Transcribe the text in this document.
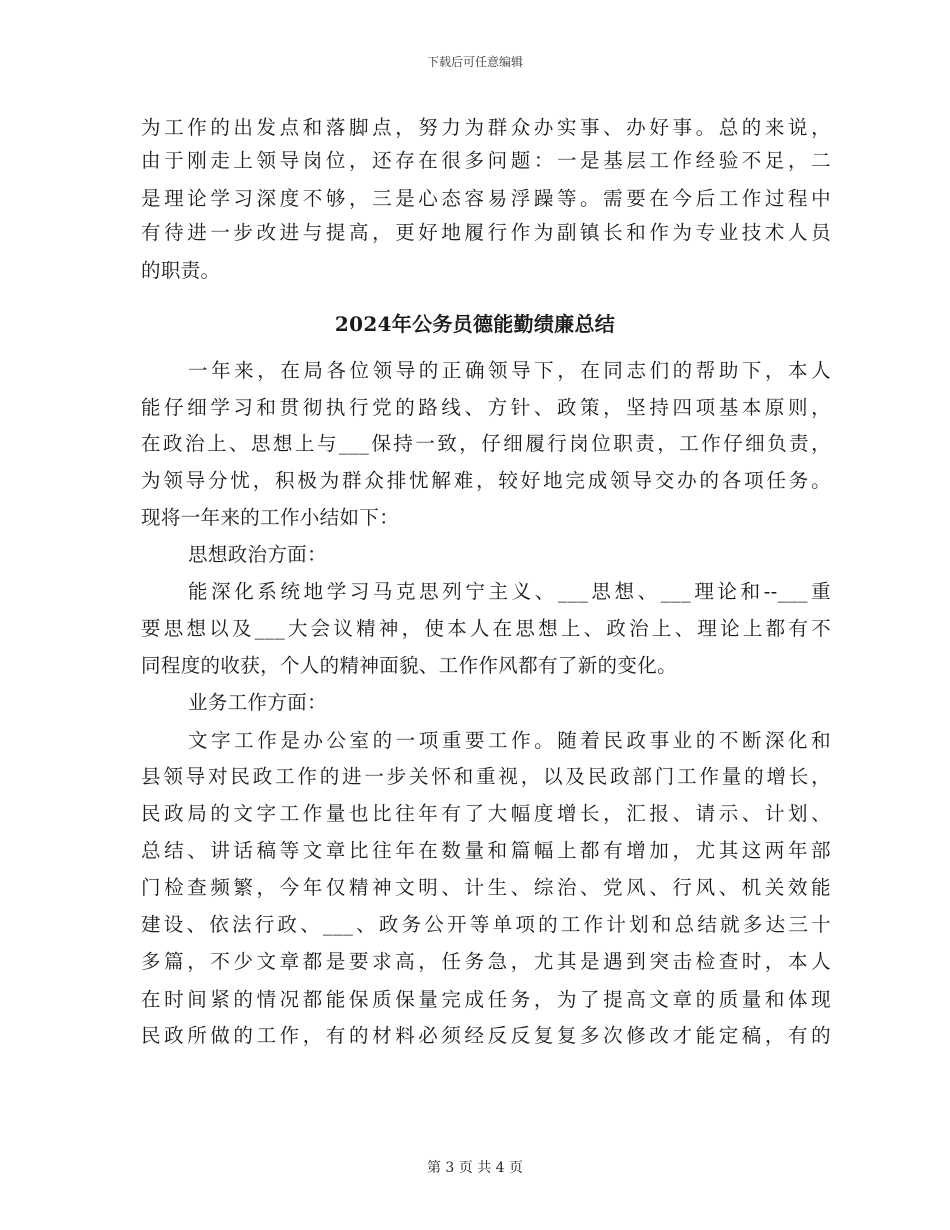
下载后可任意编辑
为工作的出发点和落脚点，努力为群众办实事、办好事。总的来说，
由于刚走上领导岗位，还存在很多问题：一是基层工作经验不足，二
是理论学习深度不够，三是心态容易浮躁等。需要在今后工作过程中
有待进一步改进与提高，更好地履行作为副镇长和作为专业技术人员
的职责。
2024年公务员德能勤绩廉总结
一年来，在局各位领导的正确领导下，在同志们的帮助下，本人
能仔细学习和贯彻执行党的路线、方针、政策，坚持四项基本原则，
在政治上、思想上与___保持一致，仔细履行岗位职责，工作仔细负责，
为领导分忧，积极为群众排忧解难，较好地完成领导交办的各项任务。
现将一年来的工作小结如下：
思想政治方面：
能深化系统地学习马克思列宁主义、___思想、___理论和--___重
要思想以及___大会议精神，使本人在思想上、政治上、理论上都有不
同程度的收获，个人的精神面貌、工作作风都有了新的变化。
业务工作方面：
文字工作是办公室的一项重要工作。随着民政事业的不断深化和
县领导对民政工作的进一步关怀和重视，以及民政部门工作量的增长，
民政局的文字工作量也比往年有了大幅度增长，汇报、请示、计划、
总结、讲话稿等文章比往年在数量和篇幅上都有增加，尤其这两年部
门检查频繁，今年仅精神文明、计生、综治、党风、行风、机关效能
建设、依法行政、___、政务公开等单项的工作计划和总结就多达三十
多篇，不少文章都是要求高，任务急，尤其是遇到突击检查时，本人
在时间紧的情况都能保质保量完成任务，为了提高文章的质量和体现
民政所做的工作，有的材料必须经反反复复多次修改才能定稿，有的
第 3 页 共 4 页
